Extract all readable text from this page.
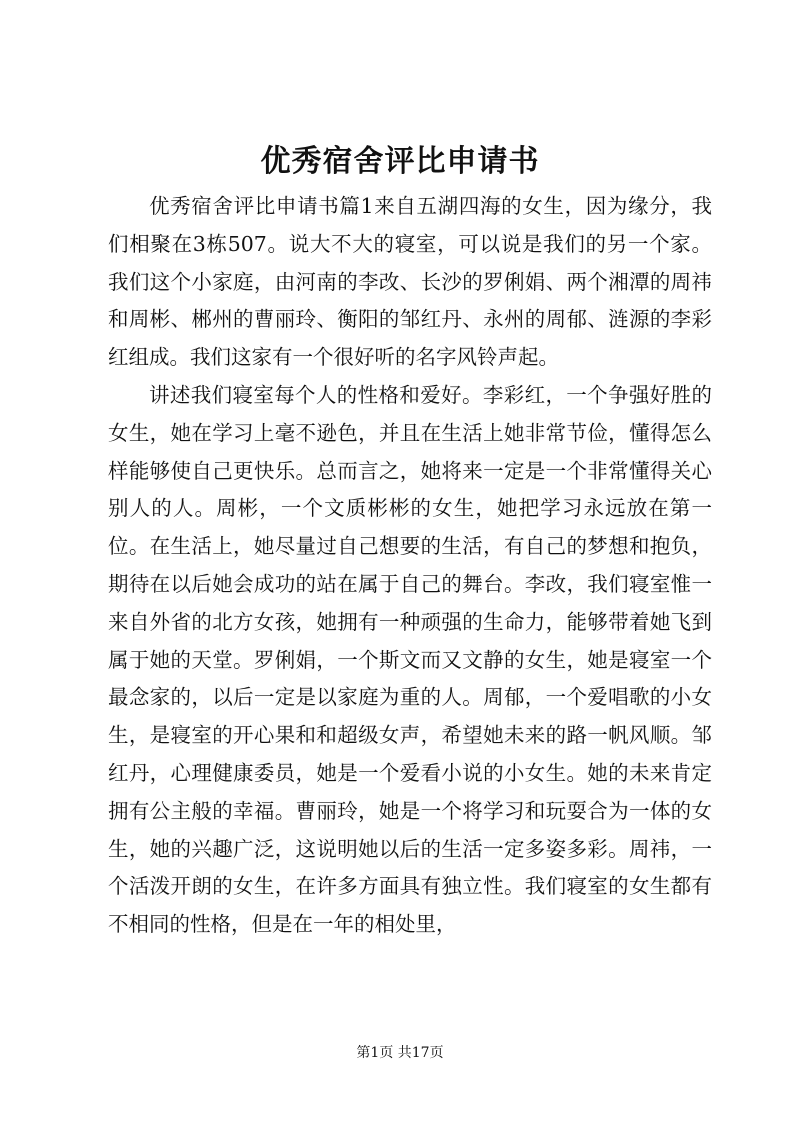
优秀宿舍评比申请书

优秀宿舍评比申请书篇1来自五湖四海的女生，因为缘分，我们相聚在3栋507。说大不大的寝室，可以说是我们的另一个家。我们这个小家庭，由河南的李改、长沙的罗俐娟、两个湘潭的周祎和周彬、郴州的曹丽玲、衡阳的邹红丹、永州的周郁、涟源的李彩红组成。我们这家有一个很好听的名字风铃声起。

讲述我们寝室每个人的性格和爱好。李彩红，一个争强好胜的女生，她在学习上毫不逊色，并且在生活上她非常节俭，懂得怎么样能够使自己更快乐。总而言之，她将来一定是一个非常懂得关心别人的人。周彬，一个文质彬彬的女生，她把学习永远放在第一位。在生活上，她尽量过自己想要的生活，有自己的梦想和抱负，期待在以后她会成功的站在属于自己的舞台。李改，我们寝室惟一来自外省的北方女孩，她拥有一种顽强的生命力，能够带着她飞到属于她的天堂。罗俐娟，一个斯文而又文静的女生，她是寝室一个最念家的，以后一定是以家庭为重的人。周郁，一个爱唱歌的小女生，是寝室的开心果和和超级女声，希望她未来的路一帆风顺。邹红丹，心理健康委员，她是一个爱看小说的小女生。她的未来肯定拥有公主般的幸福。曹丽玲，她是一个将学习和玩耍合为一体的女生，她的兴趣广泛，这说明她以后的生活一定多姿多彩。周祎，一个活泼开朗的女生，在许多方面具有独立性。我们寝室的女生都有不相同的性格，但是在一年的相处里，

第1页 共17页
